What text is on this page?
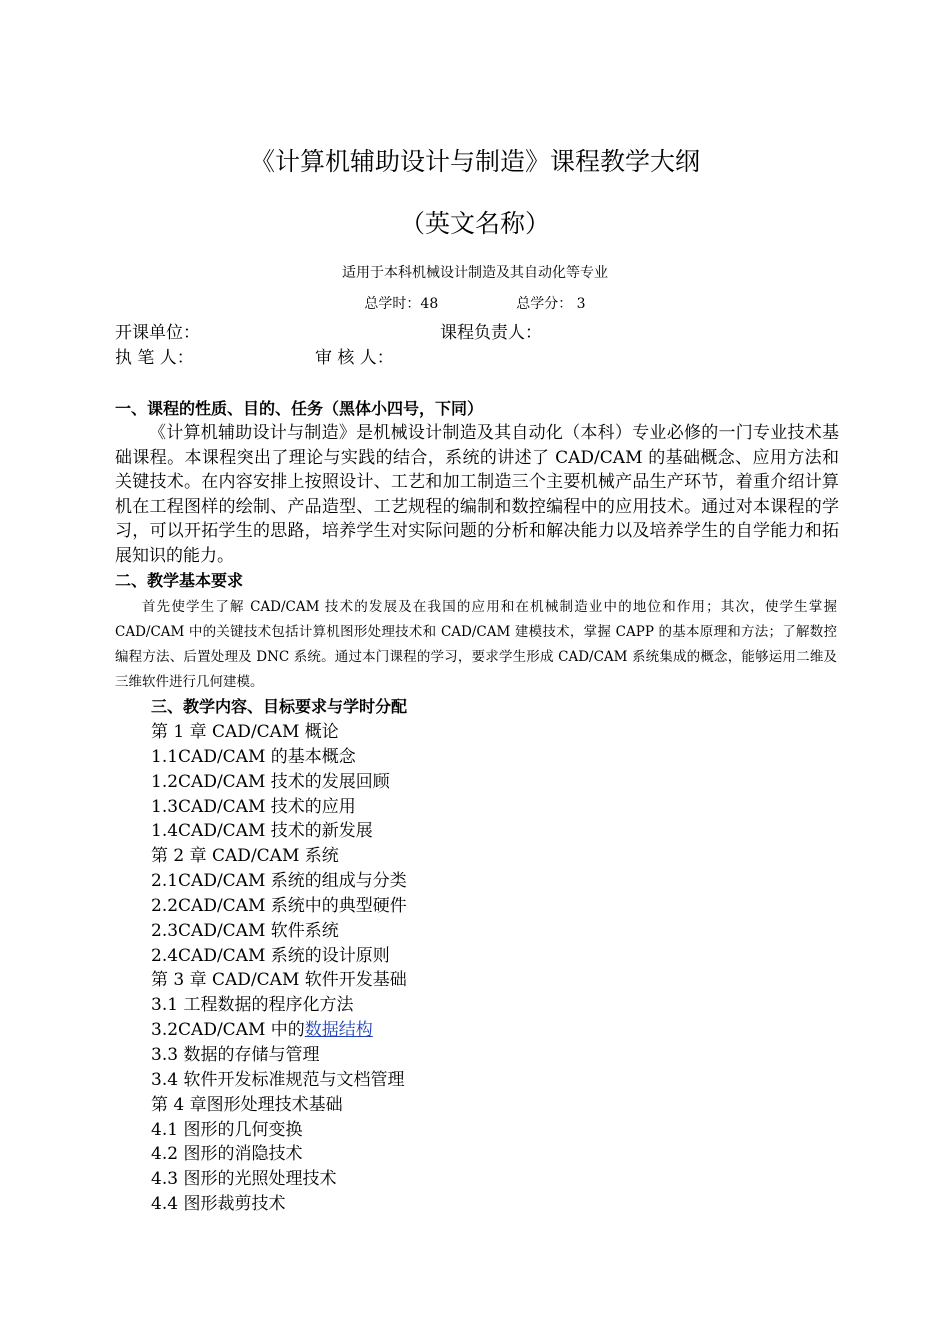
《计算机辅助设计与制造》课程教学大纲
（英文名称）
适用于本科机械设计制造及其自动化等专业
总学时：48	总学分： 3
开课单位：	课程负责人：
执 笔 人：	审 核 人：
一、课程的性质、目的、任务（黑体小四号，下同）

《计算机辅助设计与制造》是机械设计制造及其自动化（本科）专业必修的一门专业技术基础课程。本课程突出了理论与实践的结合，系统的讲述了 CAD/CAM 的基础概念、应用方法和关键技术。在内容安排上按照设计、工艺和加工制造三个主要机械产品生产环节，着重介绍计算机在工程图样的绘制、产品造型、工艺规程的编制和数控编程中的应用技术。通过对本课程的学习，可以开拓学生的思路，培养学生对实际问题的分析和解决能力以及培养学生的自学能力和拓展知识的能力。

二、教学基本要求

首先使学生了解 CAD/CAM 技术的发展及在我国的应用和在机械制造业中的地位和作用；其次，使学生掌握 CAD/CAM 中的关键技术包括计算机图形处理技术和 CAD/CAM 建模技术，掌握 CAPP 的基本原理和方法；了解数控编程方法、后置处理及 DNC 系统。通过本门课程的学习，要求学生形成 CAD/CAM 系统集成的概念，能够运用二维及三维软件进行几何建模。

三、教学内容、目标要求与学时分配
第 1 章 CAD/CAM 概论
1.1CAD/CAM 的基本概念
1.2CAD/CAM 技术的发展回顾
1.3CAD/CAM 技术的应用
1.4CAD/CAM 技术的新发展
第 2 章 CAD/CAM 系统
2.1CAD/CAM 系统的组成与分类
2.2CAD/CAM 系统中的典型硬件
2.3CAD/CAM 软件系统
2.4CAD/CAM 系统的设计原则
第 3 章 CAD/CAM 软件开发基础
3.1 工程数据的程序化方法
3.2CAD/CAM 中的数据结构
3.3 数据的存储与管理
3.4 软件开发标准规范与文档管理
第 4 章图形处理技术基础
4.1 图形的几何变换
4.2 图形的消隐技术
4.3 图形的光照处理技术
4.4 图形裁剪技术
